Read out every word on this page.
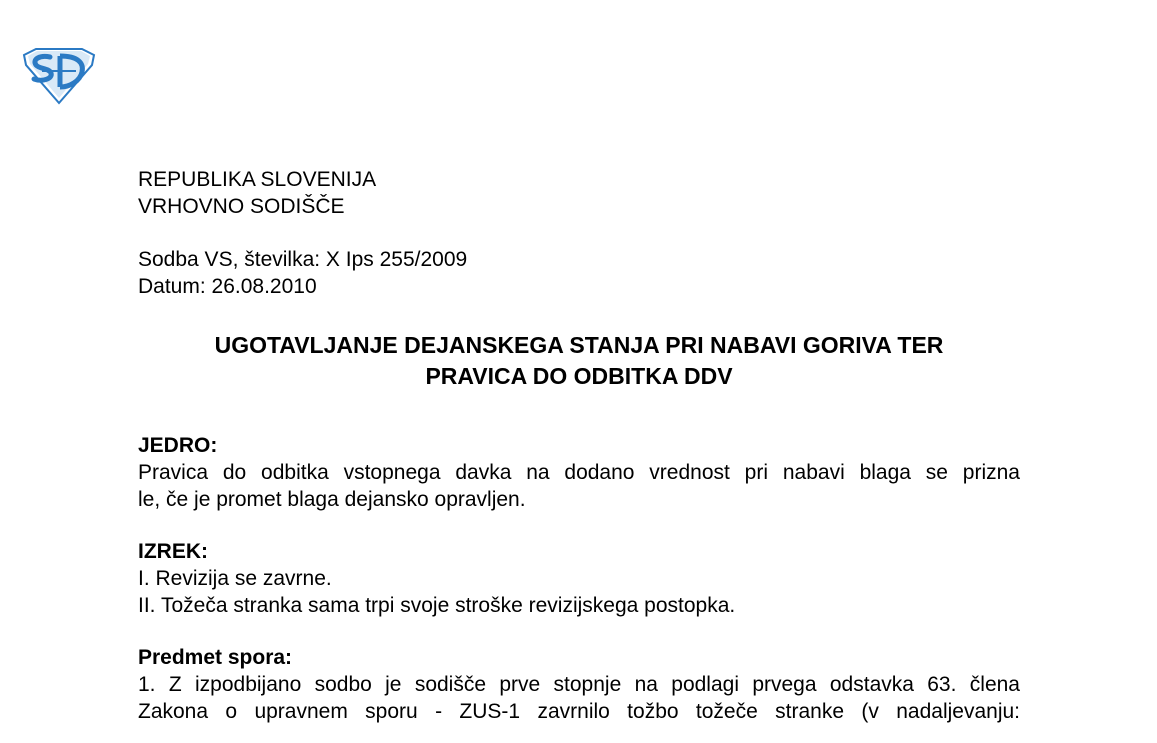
REPUBLIKA SLOVENIJA
VRHOVNO SODIŠČE
Sodba VS, številka: X Ips 255/2009
Datum: 26.08.2010
UGOTAVLJANJE DEJANSKEGA STANJA PRI NABAVI GORIVA TER
PRAVICA DO ODBITKA DDV
JEDRO:
Pravica do odbitka vstopnega davka na dodano vrednost pri nabavi blaga se prizna
le, če je promet blaga dejansko opravljen.
IZREK:
I. Revizija se zavrne.
II. Tožeča stranka sama trpi svoje stroške revizijskega postopka.
Predmet spora:
1. Z izpodbijano sodbo je sodišče prve stopnje na podlagi prvega odstavka 63. člena
Zakona o upravnem sporu - ZUS-1 zavrnilo tožbo tožeče stranke (v nadaljevanju:
